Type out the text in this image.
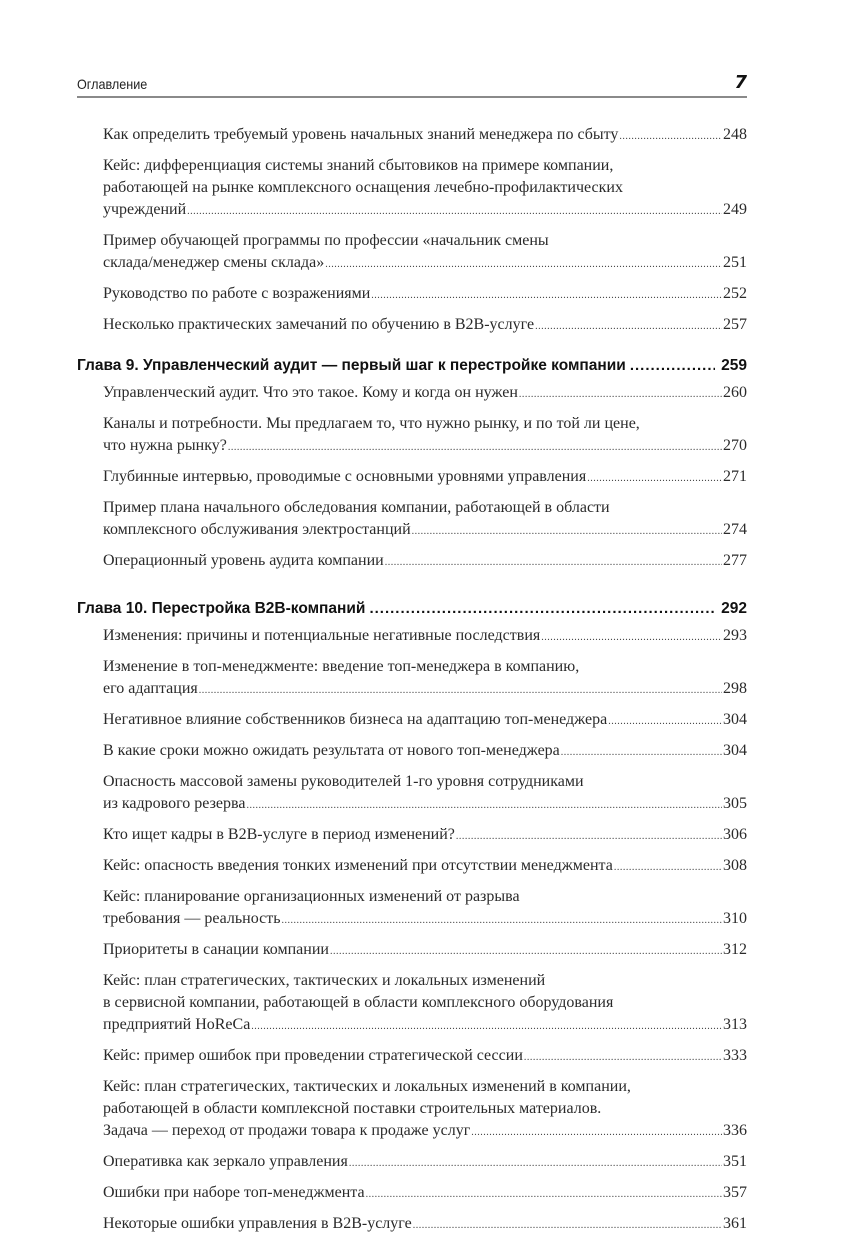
Оглавление	7
Как определить требуемый уровень начальных знаний менеджера по сбыту .....	248
Кейс: дифференциация системы знаний сбытовиков на примере компании,
работающей на рынке комплексного оснащения лечебно-профилактических
учреждений .....	249
Пример обучающей программы по профессии «начальник смены
склада/менеджер смены склада» .....	251
Руководство по работе с возражениями .....	252
Несколько практических замечаний по обучению в B2B-услуге .....	257
Глава 9. Управленческий аудит — первый шаг к перестройке компании .....	259
Управленческий аудит. Что это такое. Кому и когда он нужен .....	260
Каналы и потребности. Мы предлагаем то, что нужно рынку, и по той ли цене,
что нужна рынку? .....	270
Глубинные интервью, проводимые с основными уровнями управления .....	271
Пример плана начального обследования компании, работающей в области
комплексного обслуживания электростанций .....	274
Операционный уровень аудита компании .....	277
Глава 10. Перестройка B2B-компаний .....	292
Изменения: причины и потенциальные негативные последствия .....	293
Изменение в топ-менеджменте: введение топ-менеджера в компанию,
его адаптация .....	298
Негативное влияние собственников бизнеса на адаптацию топ-менеджера .....	304
В какие сроки можно ожидать результата от нового топ-менеджера .....	304
Опасность массовой замены руководителей 1-го уровня сотрудниками
из кадрового резерва .....	305
Кто ищет кадры в B2B-услуге в период изменений? .....	306
Кейс: опасность введения тонких изменений при отсутствии менеджмента .....	308
Кейс: планирование организационных изменений от разрыва
требования — реальность .....	310
Приоритеты в санации компании .....	312
Кейс: план стратегических, тактических и локальных изменений
в сервисной компании, работающей в области комплексного оборудования
предприятий HoReCa .....	313
Кейс: пример ошибок при проведении стратегической сессии .....	333
Кейс: план стратегических, тактических и локальных изменений в компании,
работающей в области комплексной поставки строительных материалов.
Задача — переход от продажи товара к продаже услуг .....	336
Оперативка как зеркало управления .....	351
Ошибки при наборе топ-менеджмента .....	357
Некоторые ошибки управления в B2B-услуге .....	361
